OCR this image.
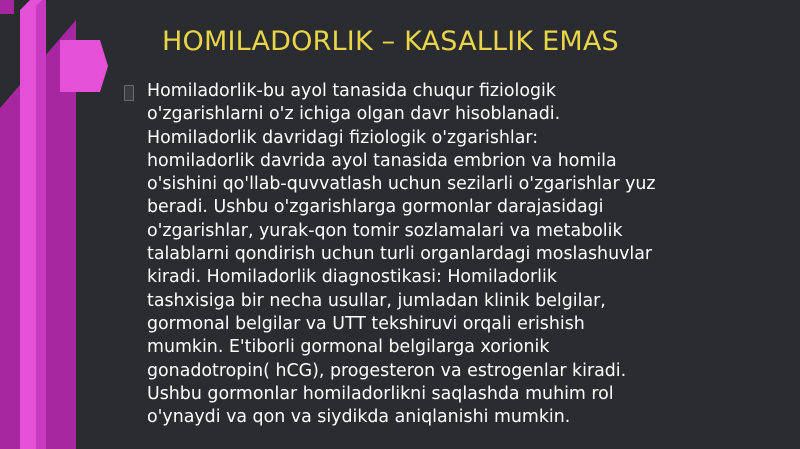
HOMILADORLIK – KASALLIK EMAS

Homiladorlik-bu ayol tanasida chuqur fiziologik
o'zgarishlarni o'z ichiga olgan davr hisoblanadi.
Homiladorlik davridagi fiziologik o'zgarishlar:
homiladorlik davrida ayol tanasida embrion va homila
o'sishini qo'llab-quvvatlash uchun sezilarli o'zgarishlar yuz
beradi. Ushbu o'zgarishlarga gormonlar darajasidagi
o'zgarishlar, yurak-qon tomir sozlamalari va metabolik
talablarni qondirish uchun turli organlardagi moslashuvlar
kiradi. Homiladorlik diagnostikasi: Homiladorlik
tashxisiga bir necha usullar, jumladan klinik belgilar,
gormonal belgilar va UTT tekshiruvi orqali erishish
mumkin. E'tiborli gormonal belgilarga xorionik
gonadotropin( hCG), progesteron va estrogenlar kiradi.
Ushbu gormonlar homiladorlikni saqlashda muhim rol
o'ynaydi va qon va siydikda aniqlanishi mumkin.
